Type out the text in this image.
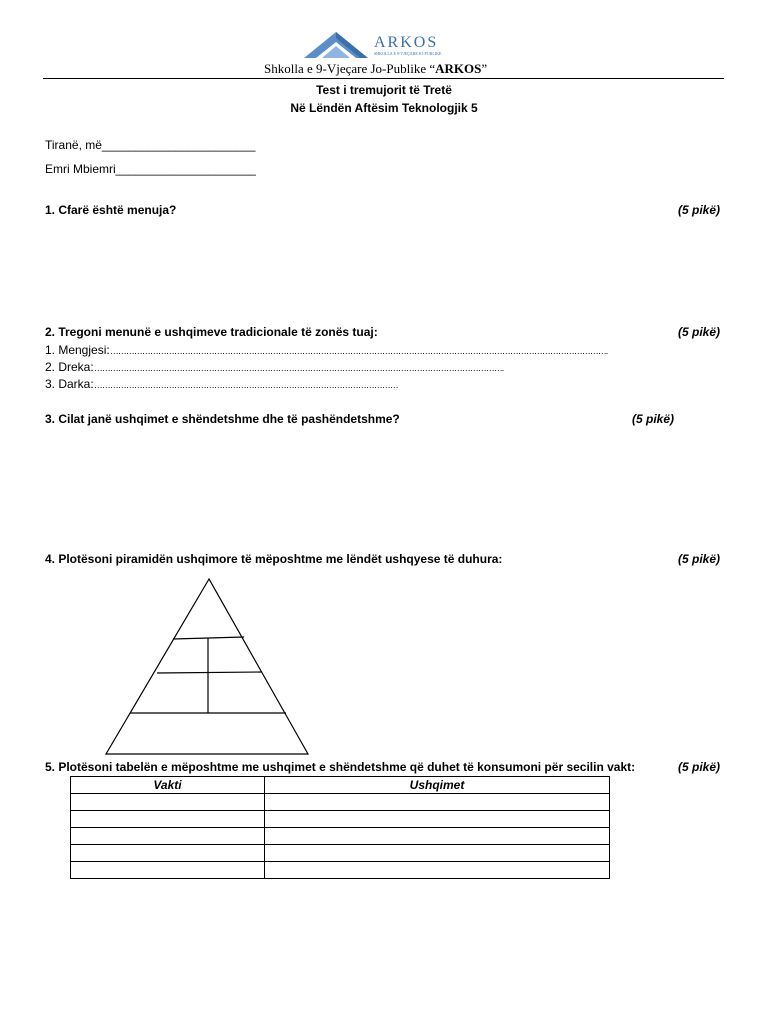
ARKOS
SHKOLLA E 9-VJEÇARE JO-PUBLIKE
Shkolla e 9-Vjeçare Jo-Publike “ARKOS”
Test i tremujorit të Tretë
Në Lëndën Aftësim Teknologjik 5
Tiranë, më_______________________
Emri Mbiemri_____________________
1. Cfarë është menuja?	(5 pikë)
2. Tregoni menunë e ushqimeve tradicionale të zonës tuaj:	(5 pikë)
1. Mengjesi:…………………………………………………………………………………………………………………………………………………………………….
2. Dreka:……………………………………………………………………………………………………………………………………….
3. Darka:……………………………………………………………………………………………………
3. Cilat janë ushqimet e shëndetshme dhe të pashëndetshme?	(5 pikë)
4. Plotësoni piramidën ushqimore të mëposhtme me lëndët ushqyese të duhura:	(5 pikë)
5. Plotësoni tabelën e mëposhtme me ushqimet e shëndetshme që duhet të konsumoni për secilin vakt:	(5 pikë)
Vakti	Ushqimet
